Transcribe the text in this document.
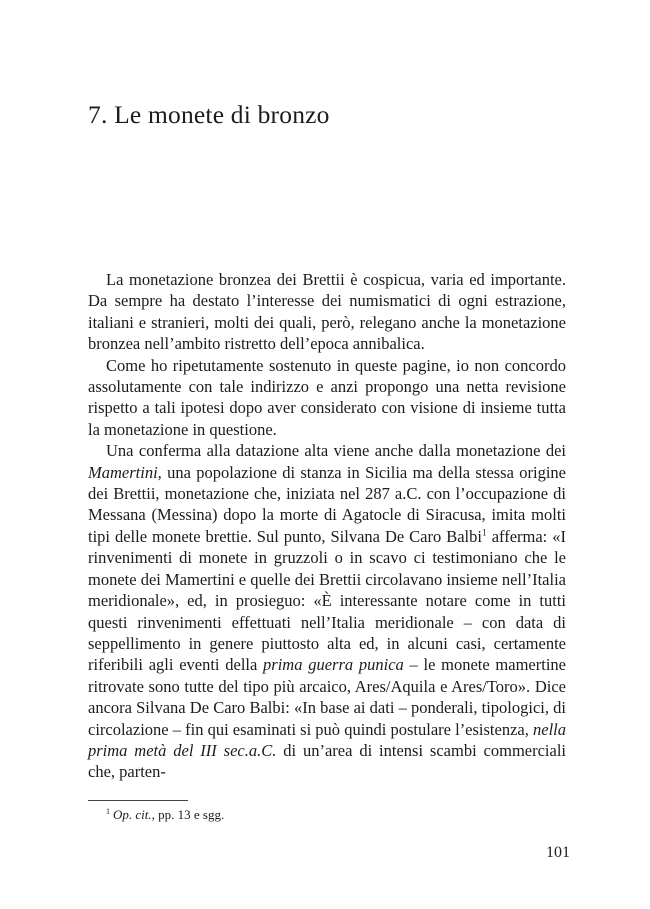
7. Le monete di bronzo

La monetazione bronzea dei Brettii è cospicua, varia ed importante. Da sempre ha destato l’interesse dei numismatici di ogni estrazione, italiani e stranieri, molti dei quali, però, relegano anche la monetazione bronzea nell’ambito ristretto dell’epoca annibalica.

Come ho ripetutamente sostenuto in queste pagine, io non concordo assolutamente con tale indirizzo e anzi propongo una netta revisione rispetto a tali ipotesi dopo aver considerato con visione di insieme tutta la monetazione in questione.

Una conferma alla datazione alta viene anche dalla monetazione dei Mamertini, una popolazione di stanza in Sicilia ma della stessa origine dei Brettii, monetazione che, iniziata nel 287 a.C. con l’occupazione di Messana (Messina) dopo la morte di Agatocle di Siracusa, imita molti tipi delle monete brettie. Sul punto, Silvana De Caro Balbi$^1$ afferma: «I rinvenimenti di monete in gruzzoli o in scavo ci testimoniano che le monete dei Mamertini e quelle dei Brettii circolavano insieme nell’Italia meridionale», ed, in prosieguo: «È interessante notare come in tutti questi rinvenimenti effettuati nell’Italia meridionale – con data di seppellimento in genere piuttosto alta ed, in alcuni casi, certamente riferibili agli eventi della prima guerra punica – le monete mamertine ritrovate sono tutte del tipo più arcaico, Ares/Aquila e Ares/Toro». Dice ancora Silvana De Caro Balbi: «In base ai dati – ponderali, tipologici, di circolazione – fin qui esaminati si può quindi postulare l’esistenza, nella prima metà del III sec.a.C. di un’area di intensi scambi commerciali che, parten-

$^1$ Op. cit., pp. 13 e sgg.
101
